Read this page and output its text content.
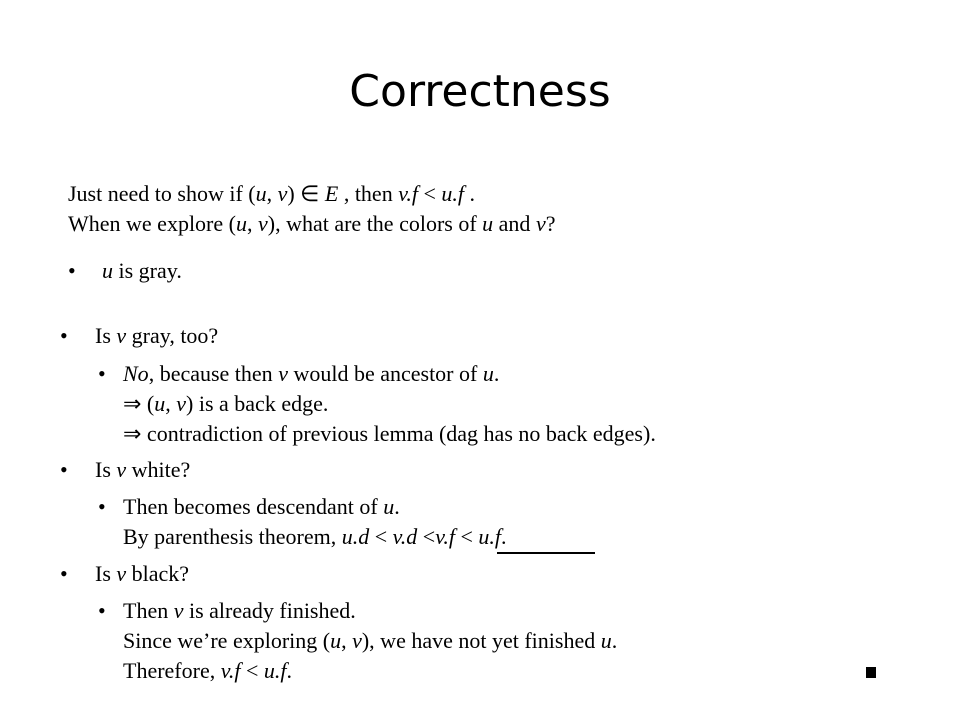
Correctness
Just need to show if (u, v) ∈ E , then v.f < u.f .
When we explore (u, v), what are the colors of u and v?
• u is gray.
• Is v gray, too?
• No, because then v would be ancestor of u.
⇒ (u, v) is a back edge.
⇒ contradiction of previous lemma (dag has no back edges).
• Is v white?
• Then becomes descendant of u.
By parenthesis theorem, u.d < v.d <v.f < u.f.
• Is v black?
• Then v is already finished.
Since we’re exploring (u, v), we have not yet finished u.
Therefore, v.f < u.f.
